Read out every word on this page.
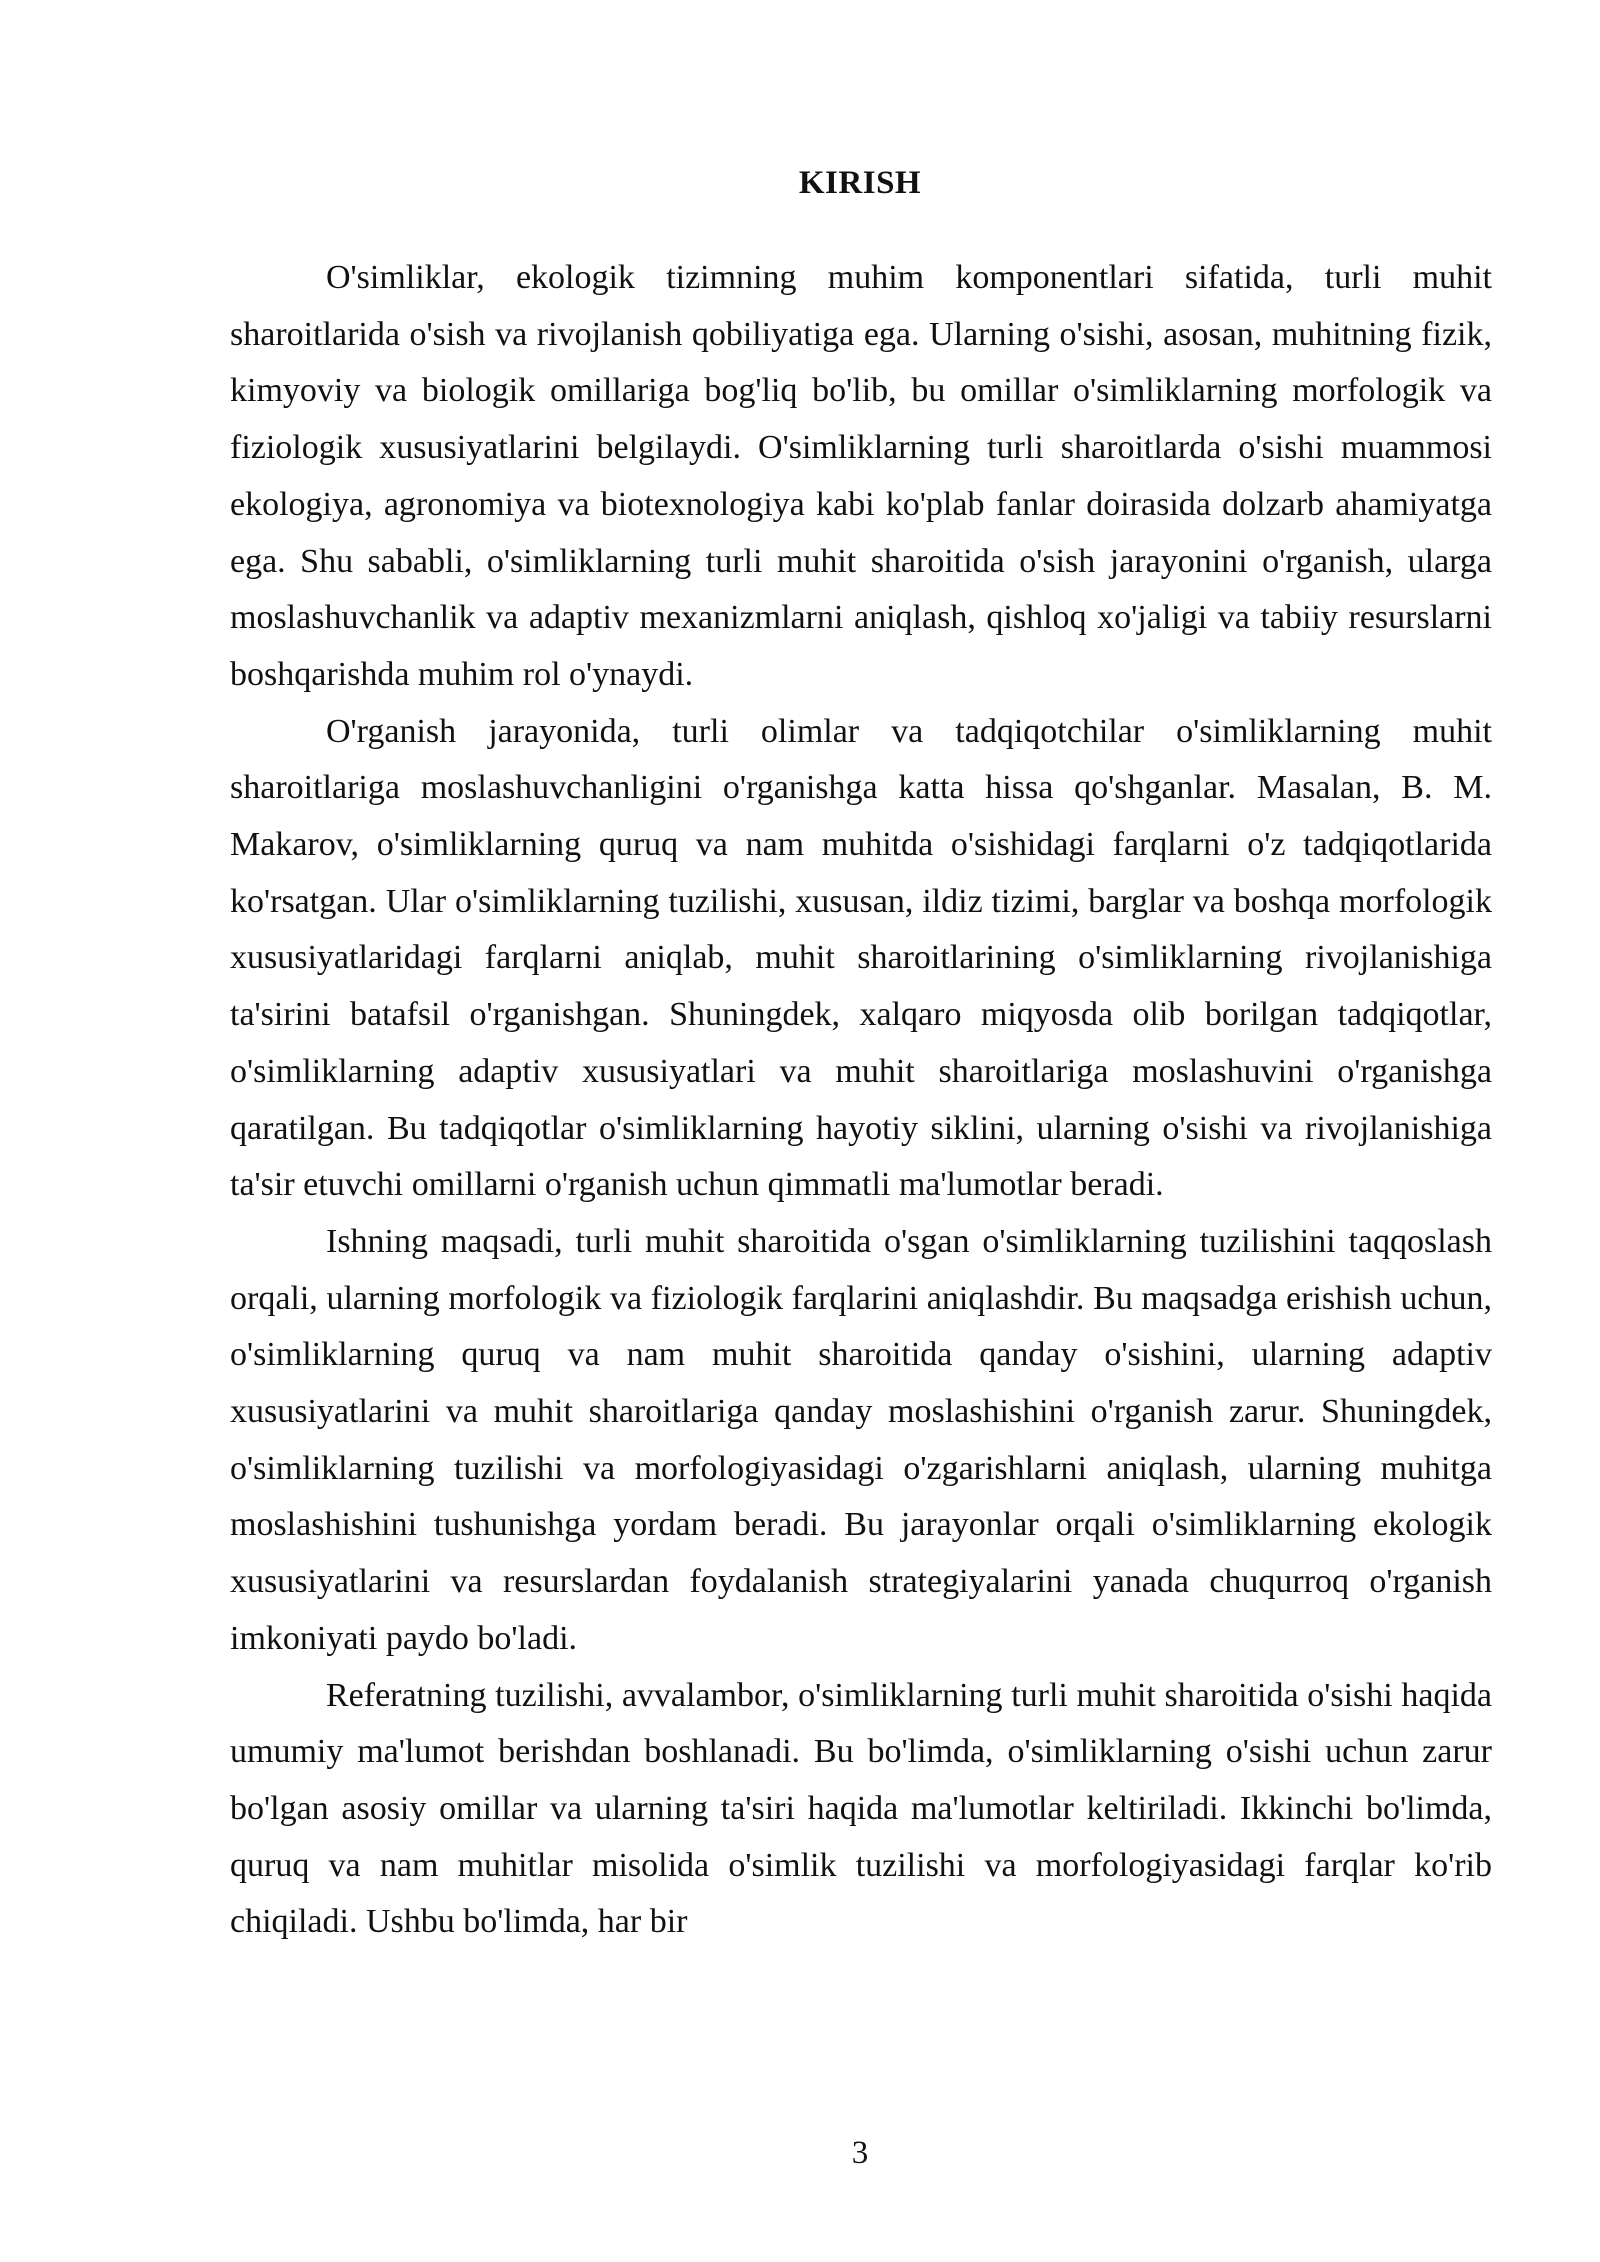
KIRISH

O'simliklar, ekologik tizimning muhim komponentlari sifatida, turli muhit sharoitlarida o'sish va rivojlanish qobiliyatiga ega. Ularning o'sishi, asosan, muhitning fizik, kimyoviy va biologik omillariga bog'liq bo'lib, bu omillar o'simliklarning morfologik va fiziologik xususiyatlarini belgilaydi. O'simliklarning turli sharoitlarda o'sishi muammosi ekologiya, agronomiya va biotexnologiya kabi ko'plab fanlar doirasida dolzarb ahamiyatga ega. Shu sababli, o'simliklarning turli muhit sharoitida o'sish jarayonini o'rganish, ularga moslashuvchanlik va adaptiv mexanizmlarni aniqlash, qishloq xo'jaligi va tabiiy resurslarni boshqarishda muhim rol o'ynaydi.

O'rganish jarayonida, turli olimlar va tadqiqotchilar o'simliklarning muhit sharoitlariga moslashuvchanligini o'rganishga katta hissa qo'shganlar. Masalan, B. M. Makarov, o'simliklarning quruq va nam muhitda o'sishidagi farqlarni o'z tadqiqotlarida ko'rsatgan. Ular o'simliklarning tuzilishi, xususan, ildiz tizimi, barglar va boshqa morfologik xususiyatlaridagi farqlarni aniqlab, muhit sharoitlarining o'simliklarning rivojlanishiga ta'sirini batafsil o'rganishgan. Shuningdek, xalqaro miqyosda olib borilgan tadqiqotlar, o'simliklarning adaptiv xususiyatlari va muhit sharoitlariga moslashuvini o'rganishga qaratilgan. Bu tadqiqotlar o'simliklarning hayotiy siklini, ularning o'sishi va rivojlanishiga ta'sir etuvchi omillarni o'rganish uchun qimmatli ma'lumotlar beradi.

Ishning maqsadi, turli muhit sharoitida o'sgan o'simliklarning tuzilishini taqqoslash orqali, ularning morfologik va fiziologik farqlarini aniqlashdir. Bu maqsadga erishish uchun, o'simliklarning quruq va nam muhit sharoitida qanday o'sishini, ularning adaptiv xususiyatlarini va muhit sharoitlariga qanday moslashishini o'rganish zarur. Shuningdek, o'simliklarning tuzilishi va morfologiyasidagi o'zgarishlarni aniqlash, ularning muhitga moslashishini tushunishga yordam beradi. Bu jarayonlar orqali o'simliklarning ekologik xususiyatlarini va resurslardan foydalanish strategiyalarini yanada chuqurroq o'rganish imkoniyati paydo bo'ladi.

Referatning tuzilishi, avvalambor, o'simliklarning turli muhit sharoitida o'sishi haqida umumiy ma'lumot berishdan boshlanadi. Bu bo'limda, o'simliklarning o'sishi uchun zarur bo'lgan asosiy omillar va ularning ta'siri haqida ma'lumotlar keltiriladi. Ikkinchi bo'limda, quruq va nam muhitlar misolida o'simlik tuzilishi va morfologiyasidagi farqlar ko'rib chiqiladi. Ushbu bo'limda, har bir

3
